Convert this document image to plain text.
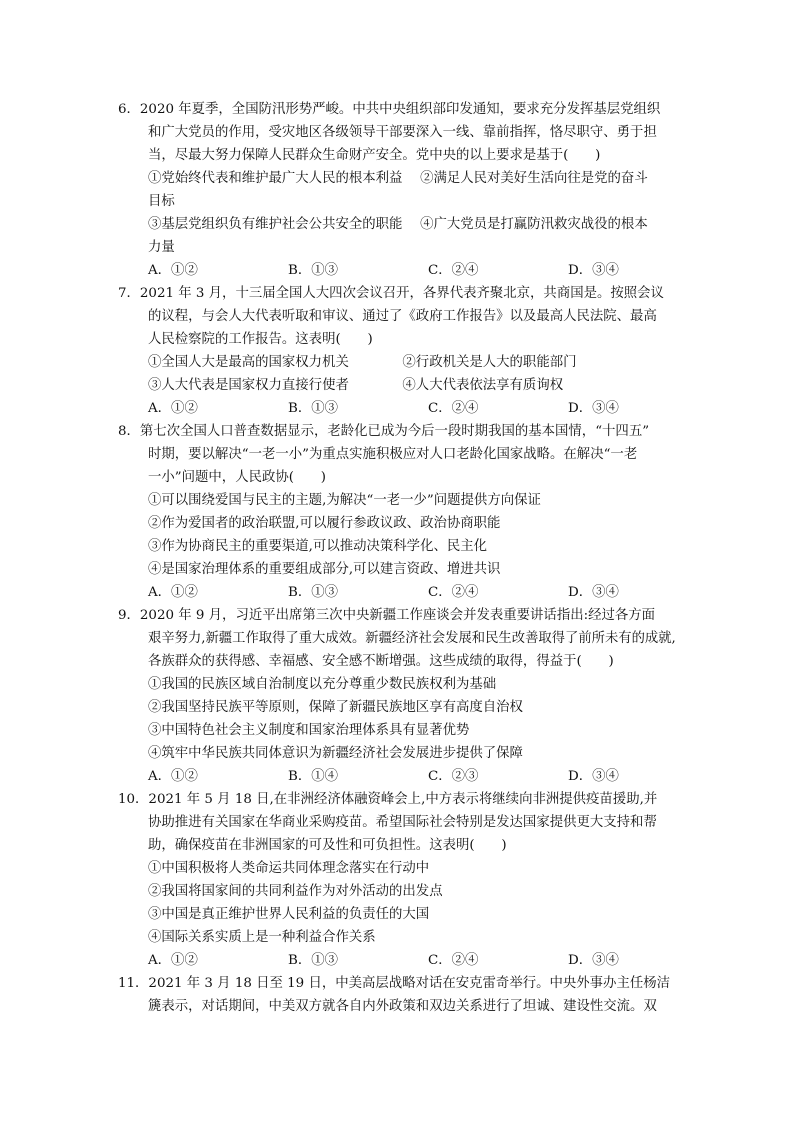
6．2020 年夏季，全国防汛形势严峻。中共中央组织部印发通知，要求充分发挥基层党组织
和广大党员的作用，受灾地区各级领导干部要深入一线、靠前指挥，恪尽职守、勇于担
当，尽最大努力保障人民群众生命财产安全。党中央的以上要求是基于(　　)
①党始终代表和维护最广大人民的根本利益　 ②满足人民对美好生活向往是党的奋斗
目标
③基层党组织负有维护社会公共安全的职能　 ④广大党员是打赢防汛救灾战役的根本
力量
A．①②	B．①③	C．②④	D．③④
7．2021 年 3 月，十三届全国人大四次会议召开，各界代表齐聚北京，共商国是。按照会议
的议程，与会人大代表听取和审议、通过了《政府工作报告》以及最高人民法院、最高
人民检察院的工作报告。这表明(　　)
①全国人大是最高的国家权力机关　　　　②行政机关是人大的职能部门
③人大代表是国家权力直接行使者　　　　④人大代表依法享有质询权
A．①②	B．①③	C．②④	D．③④
8．第七次全国人口普查数据显示，老龄化已成为今后一段时期我国的基本国情，“十四五”
时期，要以解决“一老一小”为重点实施积极应对人口老龄化国家战略。在解决“一老
一小”问题中，人民政协(　　)
①可以围绕爱国与民主的主题,为解决“一老一少”问题提供方向保证
②作为爱国者的政治联盟,可以履行参政议政、政治协商职能
③作为协商民主的重要渠道,可以推动决策科学化、民主化
④是国家治理体系的重要组成部分,可以建言资政、增进共识
A．①②	B．①③	C．②④	D．③④
9．2020 年 9 月，习近平出席第三次中央新疆工作座谈会并发表重要讲话指出:经过各方面
艰辛努力,新疆工作取得了重大成效。新疆经济社会发展和民生改善取得了前所未有的成就,
各族群众的获得感、幸福感、安全感不断增强。这些成绩的取得，得益于(　　)
①我国的民族区域自治制度以充分尊重少数民族权利为基础
②我国坚持民族平等原则，保障了新疆民族地区享有高度自治权
③中国特色社会主义制度和国家治理体系具有显著优势
④筑牢中华民族共同体意识为新疆经济社会发展进步提供了保障
A．①②	B．①④	C．②③	D．③④
10．2021 年 5 月 18 日,在非洲经济体融资峰会上,中方表示将继续向非洲提供疫苗援助,并
协助推进有关国家在华商业采购疫苗。希望国际社会特别是发达国家提供更大支持和帮
助，确保疫苗在非洲国家的可及性和可负担性。这表明(　　)
①中国积极将人类命运共同体理念落实在行动中
②我国将国家间的共同利益作为对外活动的出发点
③中国是真正维护世界人民利益的负责任的大国
④国际关系实质上是一种利益合作关系
A．①②	B．①③	C．②④	D．③④
11．2021 年 3 月 18 日至 19 日，中美高层战略对话在安克雷奇举行。中央外事办主任杨洁
篪表示，对话期间，中美双方就各自内外政策和双边关系进行了坦诚、建设性交流。双
